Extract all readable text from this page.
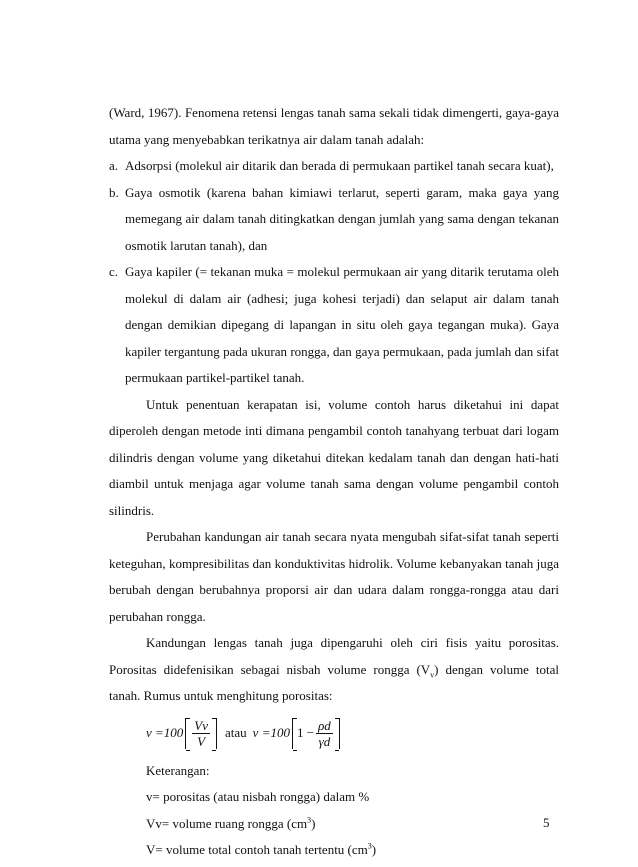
(Ward, 1967). Fenomena retensi lengas tanah sama sekali tidak dimengerti, gaya-gaya utama yang menyebabkan terikatnya air dalam tanah adalah:

a. Adsorpsi (molekul air ditarik dan berada di permukaan partikel tanah secara kuat),
b. Gaya osmotik (karena bahan kimiawi terlarut, seperti garam, maka gaya yang memegang air dalam tanah ditingkatkan dengan jumlah yang sama dengan tekanan osmotik larutan tanah), dan
c. Gaya kapiler (= tekanan muka = molekul permukaan air yang ditarik terutama oleh molekul di dalam air (adhesi; juga kohesi terjadi) dan selaput air dalam tanah dengan demikian dipegang di lapangan in situ oleh gaya tegangan muka). Gaya kapiler tergantung pada ukuran rongga, dan gaya permukaan, pada jumlah dan sifat permukaan partikel-partikel tanah.

Untuk penentuan kerapatan isi, volume contoh harus diketahui ini dapat diperoleh dengan metode inti dimana pengambil contoh tanahyang terbuat dari logam dilindris dengan volume yang diketahui ditekan kedalam tanah dan dengan hati-hati diambil untuk menjaga agar volume tanah sama dengan volume pengambil contoh silindris.

Perubahan kandungan air tanah secara nyata mengubah sifat-sifat tanah seperti keteguhan, kompresibilitas dan konduktivitas hidrolik. Volume kebanyakan tanah juga berubah dengan berubahnya proporsi air dan udara dalam rongga-rongga atau dari perubahan rongga.

Kandungan lengas tanah juga dipengaruhi oleh ciri fisis yaitu porositas. Porositas didefenisikan sebagai nisbah volume rongga $(V_v)$ dengan volume total tanah. Rumus untuk menghitung porositas:

$v =100 \frac{Vv}{V}$ atau v =100 $1 - \frac{\rho d}{\gamma d}$
Keterangan:
v= porositas (atau nisbah rongga) dalam %
Vv= volume ruang rongga $(cm^3)$
V= volume total contoh tanah tertentu $(cm^3)$
5
